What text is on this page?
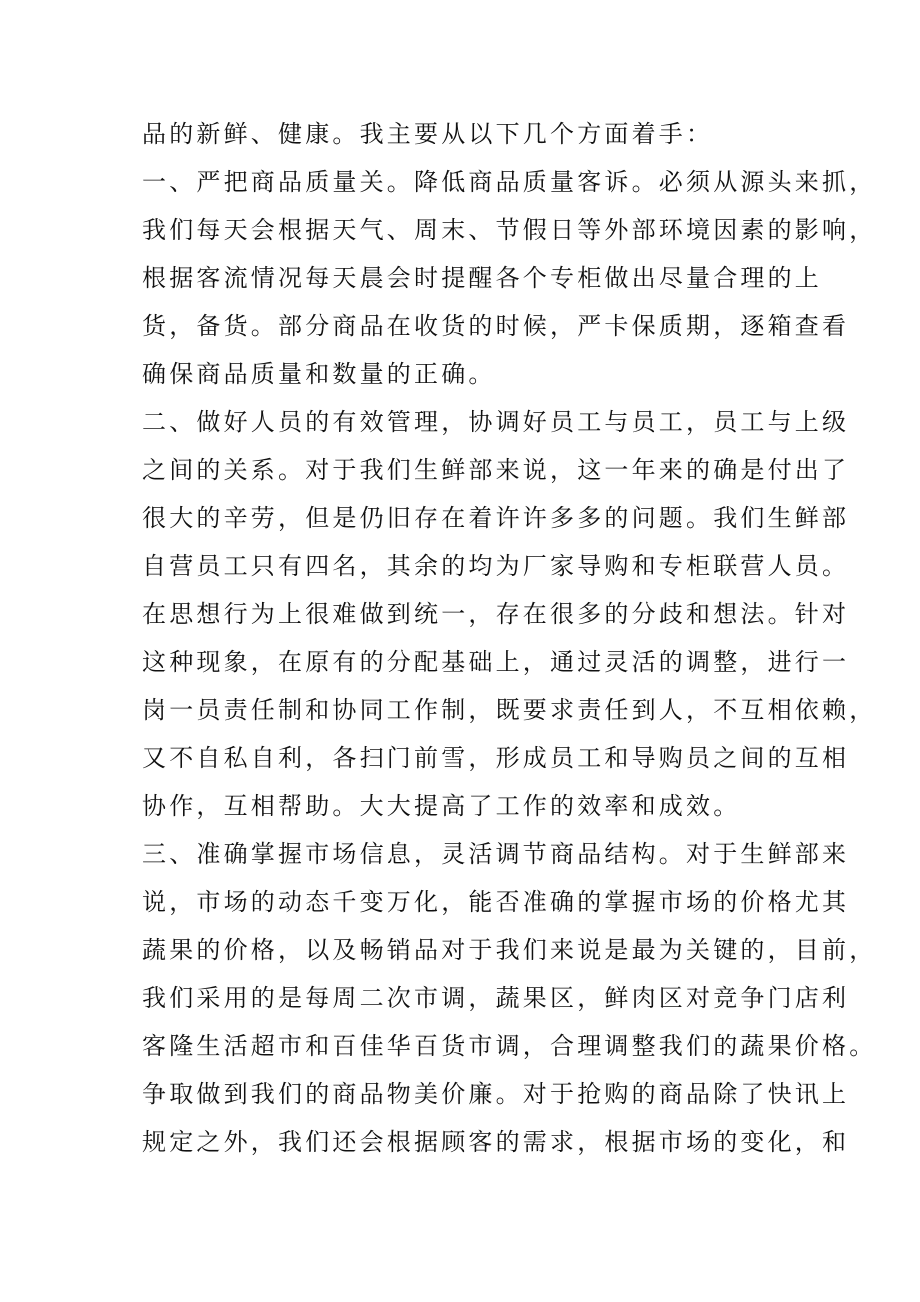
品的新鲜、健康。我主要从以下几个方面着手：
一、严把商品质量关。降低商品质量客诉。必须从源头来抓，
我们每天会根据天气、周末、节假日等外部环境因素的影响，
根据客流情况每天晨会时提醒各个专柜做出尽量合理的上
货，备货。部分商品在收货的时候，严卡保质期，逐箱查看
确保商品质量和数量的正确。
二、做好人员的有效管理，协调好员工与员工，员工与上级
之间的关系。对于我们生鲜部来说，这一年来的确是付出了
很大的辛劳，但是仍旧存在着许许多多的问题。我们生鲜部
自营员工只有四名，其余的均为厂家导购和专柜联营人员。
在思想行为上很难做到统一，存在很多的分歧和想法。针对
这种现象，在原有的分配基础上，通过灵活的调整，进行一
岗一员责任制和协同工作制，既要求责任到人，不互相依赖，
又不自私自利，各扫门前雪，形成员工和导购员之间的互相
协作，互相帮助。大大提高了工作的效率和成效。
三、准确掌握市场信息，灵活调节商品结构。对于生鲜部来
说，市场的动态千变万化，能否准确的掌握市场的价格尤其
蔬果的价格，以及畅销品对于我们来说是最为关键的，目前，
我们采用的是每周二次市调，蔬果区，鲜肉区对竞争门店利
客隆生活超市和百佳华百货市调，合理调整我们的蔬果价格。
争取做到我们的商品物美价廉。对于抢购的商品除了快讯上
规定之外，我们还会根据顾客的需求，根据市场的变化，和
